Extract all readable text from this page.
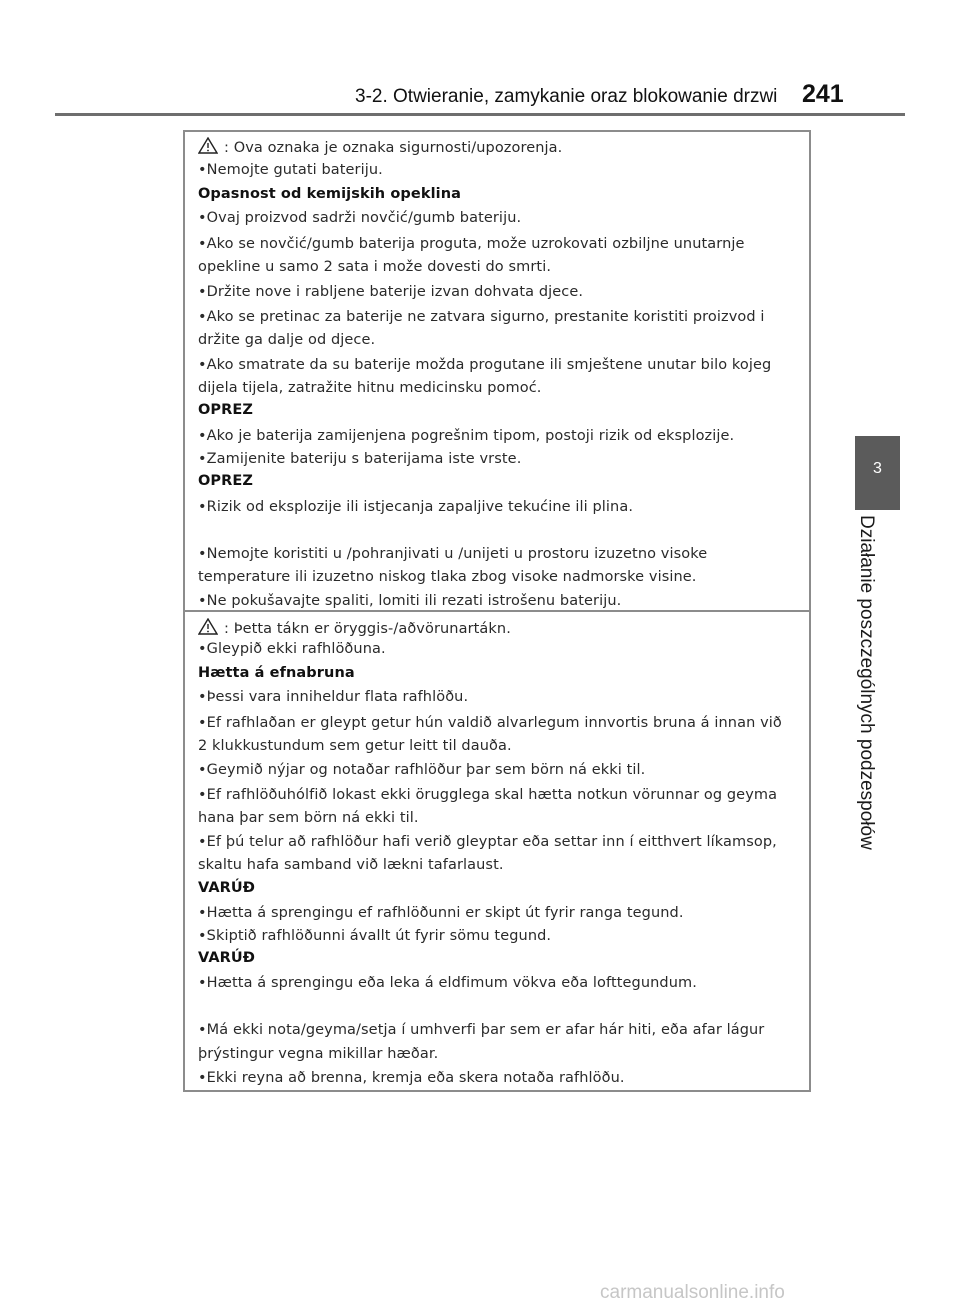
3-2. Otwieranie, zamykanie oraz blokowanie drzwi 241
3
Działanie poszczególnych podzespołów
: Ova oznaka je oznaka sigurnosti/upozorenja.
•Nemojte gutati bateriju.
Opasnost od kemijskih opeklina
•Ovaj proizvod sadrži novčić/gumb bateriju.
•Ako se novčić/gumb baterija proguta, može uzrokovati ozbiljne unutarnje
opekline u samo 2 sata i može dovesti do smrti.
•Držite nove i rabljene baterije izvan dohvata djece.
•Ako se pretinac za baterije ne zatvara sigurno, prestanite koristiti proizvod i
držite ga dalje od djece.
•Ako smatrate da su baterije možda progutane ili smještene unutar bilo kojeg
dijela tijela, zatražite hitnu medicinsku pomoć.
OPREZ
•Ako je baterija zamijenjena pogrešnim tipom, postoji rizik od eksplozije.
•Zamijenite bateriju s baterijama iste vrste.
OPREZ
•Rizik od eksplozije ili istjecanja zapaljive tekućine ili plina.
•Nemojte koristiti u /pohranjivati u /unijeti u prostoru izuzetno visoke
temperature ili izuzetno niskog tlaka zbog visoke nadmorske visine.
•Ne pokušavajte spaliti, lomiti ili rezati istrošenu bateriju.
: Þetta tákn er öryggis-/aðvörunartákn.
•Gleypið ekki rafhlöðuna.
Hætta á efnabruna
•Þessi vara inniheldur flata rafhlöðu.
•Ef rafhlaðan er gleypt getur hún valdið alvarlegum innvortis bruna á innan við
2 klukkustundum sem getur leitt til dauða.
•Geymið nýjar og notaðar rafhlöður þar sem börn ná ekki til.
•Ef rafhlöðuhólfið lokast ekki örugglega skal hætta notkun vörunnar og geyma
hana þar sem börn ná ekki til.
•Ef þú telur að rafhlöður hafi verið gleyptar eða settar inn í eitthvert líkamsop,
skaltu hafa samband við lækni tafarlaust.
VARÚÐ
•Hætta á sprengingu ef rafhlöðunni er skipt út fyrir ranga tegund.
•Skiptið rafhlöðunni ávallt út fyrir sömu tegund.
VARÚÐ
•Hætta á sprengingu eða leka á eldfimum vökva eða lofttegundum.
•Má ekki nota/geyma/setja í umhverfi þar sem er afar hár hiti, eða afar lágur
þrýstingur vegna mikillar hæðar.
•Ekki reyna að brenna, kremja eða skera notaða rafhlöðu.
carmanualsonline.info
